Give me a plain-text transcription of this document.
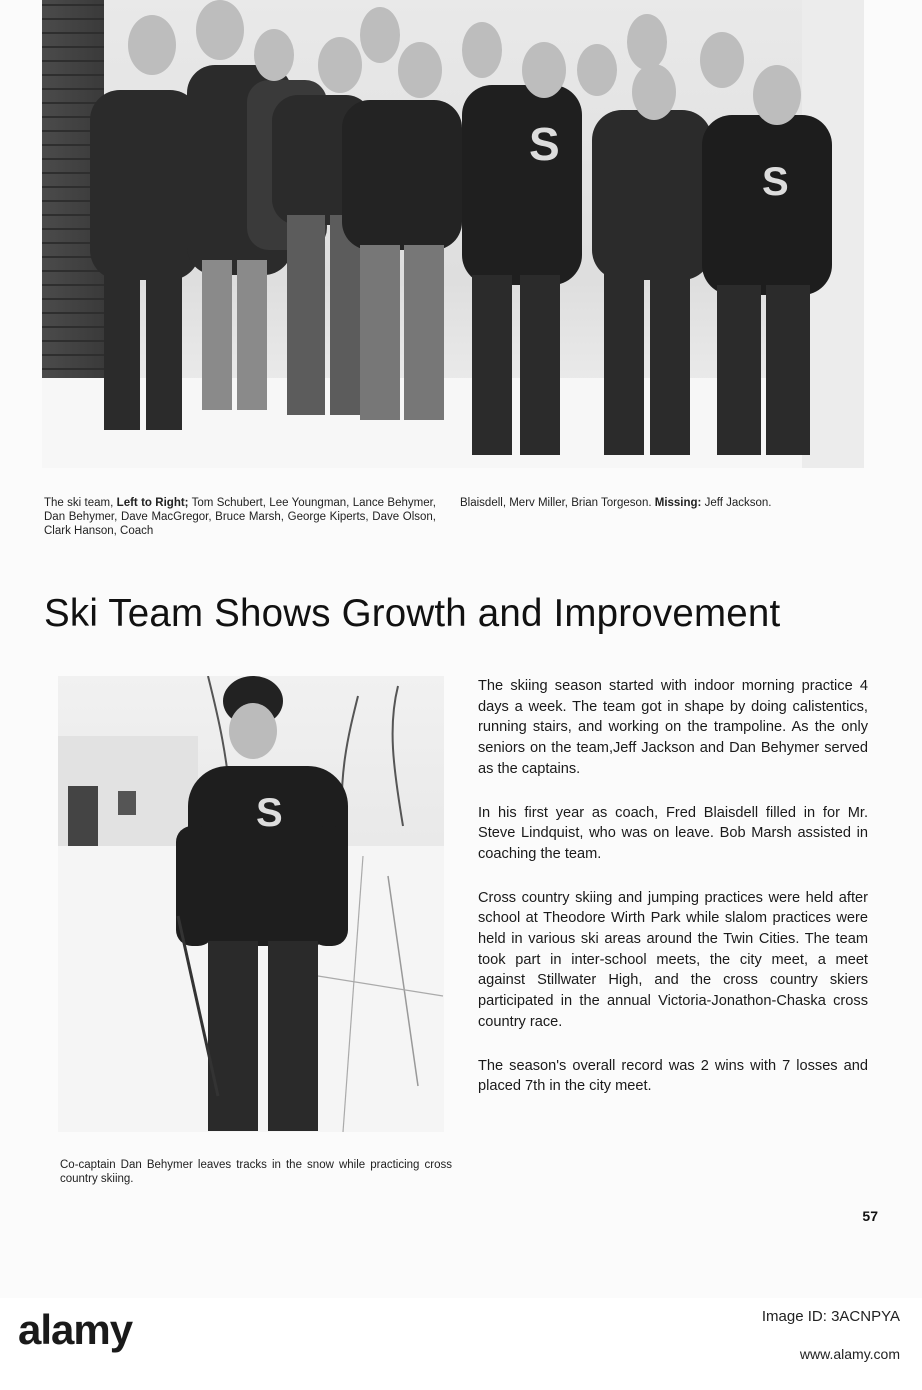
S
S
The ski team, Left to Right; Tom Schubert, Lee Youngman, Lance Behymer, Dan Behymer, Dave MacGregor, Bruce Marsh, George Kiperts, Dave Olson, Clark Hanson, Coach
Blaisdell, Merv Miller, Brian Torgeson. Missing: Jeff Jackson.
Ski Team Shows Growth and Improvement
S
Co-captain Dan Behymer leaves tracks in the snow while practicing cross country skiing.

The skiing season started with indoor morning practice 4 days a week. The team got in shape by doing calistentics, running stairs, and working on the trampoline. As the only seniors on the team,Jeff Jackson and Dan Behymer served as the captains.

In his first year as coach, Fred Blaisdell filled in for Mr. Steve Lindquist, who was on leave. Bob Marsh assisted in coaching the team.

Cross country skiing and jumping practices were held after school at Theodore Wirth Park while slalom practices were held in various ski areas around the Twin Cities. The team took part in inter-school meets, the city meet, a meet against Stillwater High, and the cross country skiers participated in the annual Victoria-Jonathon-Chaska cross country race.

The season's overall record was 2 wins with 7 losses and placed 7th in the city meet.

57
alamy	Image ID: 3ACNPYA
www.alamy.com
